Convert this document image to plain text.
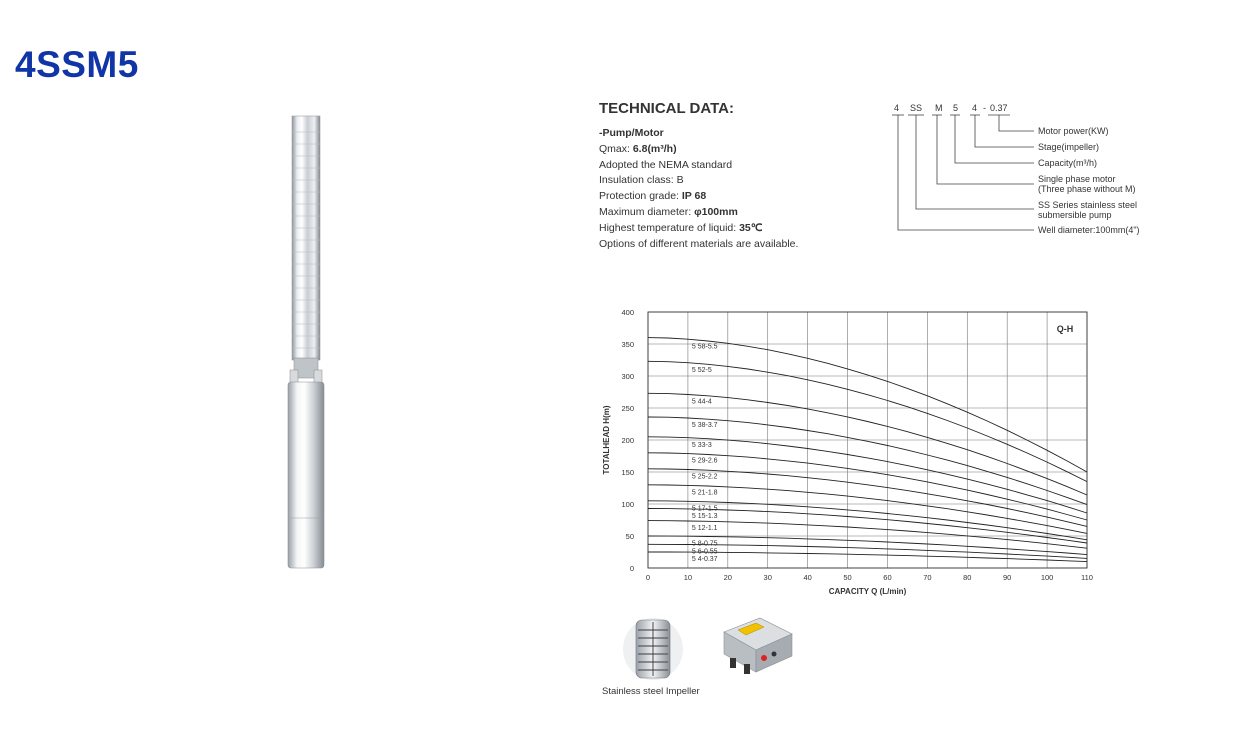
4SSM5
TECHNICAL DATA:
-Pump/Motor
Qmax: 6.8(m³/h)
Adopted the NEMA standard
Insulation class: B
Protection grade: IP 68
Maximum diameter: φ100mm
Highest temperature of liquid: 35℃
Options of different materials are available.
4 SS M 5 4 - 0.37
Motor power(KW)
Stage(impeller)
Capacity(m³/h)
Single phase motor
(Three phase without M)
SS Series stainless steel
submersible pump
Well diameter:100mm(4")
Q-H
CAPACITY Q (L/min)
TOTALHEAD H(m)
0	10	20	30	40	50	60	70	80	90	100	110
0
50
100
150
200
250
300
350
400
5 58-5.5
5 52-5
5 44-4
5 38-3.7
5 33-3
5 29-2.6
5 25-2.2
5 21-1.8
5 17-1.5
5 15-1.3
5 12-1.1
5 8-0.75
5 6-0.55
5 4-0.37
Stainless steel Impeller
